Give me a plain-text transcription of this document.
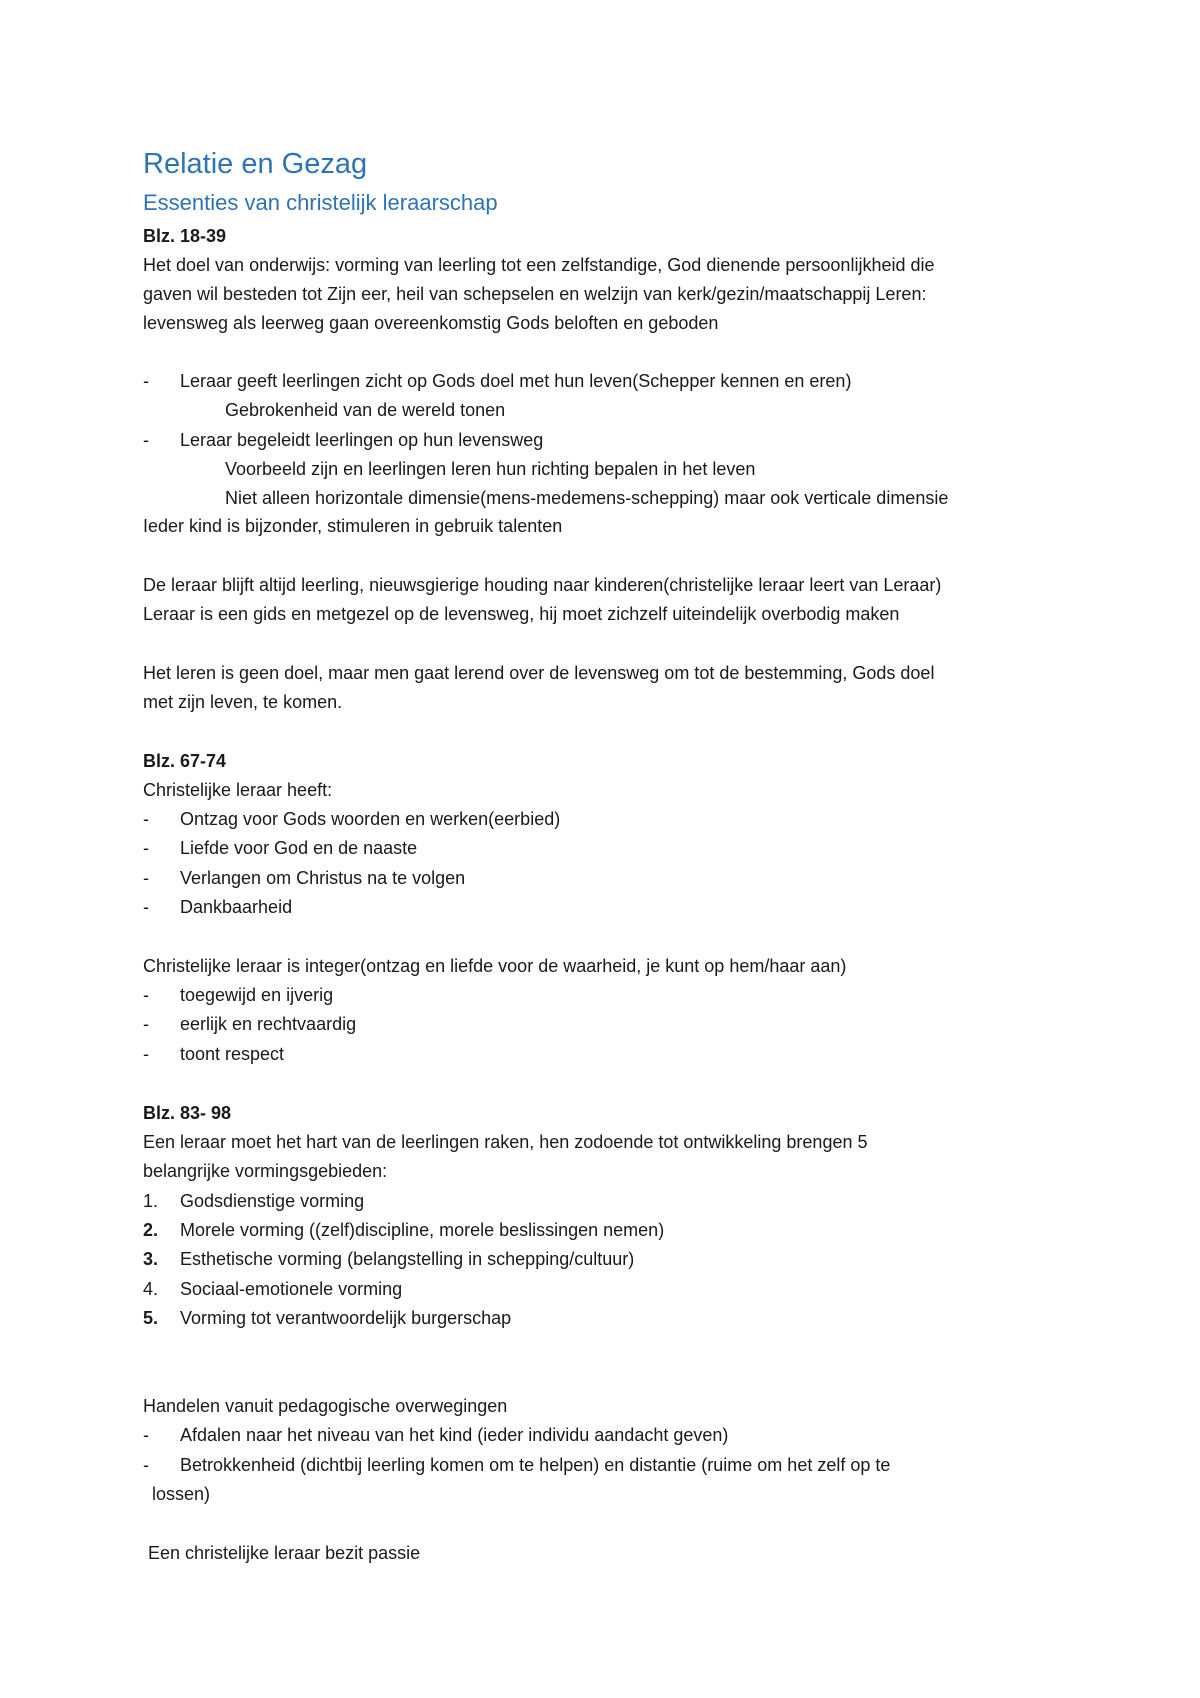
Relatie en Gezag
Essenties van christelijk leraarschap
Blz. 18-39
Het doel van onderwijs: vorming van leerling tot een zelfstandige, God dienende persoonlijkheid die
gaven wil besteden tot Zijn eer, heil van schepselen en welzijn van kerk/gezin/maatschappij Leren:
levensweg als leerweg gaan overeenkomstig Gods beloften en geboden
- Leraar geeft leerlingen zicht op Gods doel met hun leven(Schepper kennen en eren)
Gebrokenheid van de wereld tonen
- Leraar begeleidt leerlingen op hun levensweg
Voorbeeld zijn en leerlingen leren hun richting bepalen in het leven
Niet alleen horizontale dimensie(mens-medemens-schepping) maar ook verticale dimensie
Ieder kind is bijzonder, stimuleren in gebruik talenten
De leraar blijft altijd leerling, nieuwsgierige houding naar kinderen(christelijke leraar leert van Leraar)
Leraar is een gids en metgezel op de levensweg, hij moet zichzelf uiteindelijk overbodig maken
Het leren is geen doel, maar men gaat lerend over de levensweg om tot de bestemming, Gods doel
met zijn leven, te komen.
Blz. 67-74
Christelijke leraar heeft:
- Ontzag voor Gods woorden en werken(eerbied)
- Liefde voor God en de naaste
- Verlangen om Christus na te volgen
- Dankbaarheid
Christelijke leraar is integer(ontzag en liefde voor de waarheid, je kunt op hem/haar aan)
- toegewijd en ijverig
- eerlijk en rechtvaardig
- toont respect
Blz. 83- 98
Een leraar moet het hart van de leerlingen raken, hen zodoende tot ontwikkeling brengen 5
belangrijke vormingsgebieden:
1. Godsdienstige vorming
2. Morele vorming ((zelf)discipline, morele beslissingen nemen)
3. Esthetische vorming (belangstelling in schepping/cultuur)
4. Sociaal-emotionele vorming
5. Vorming tot verantwoordelijk burgerschap
Handelen vanuit pedagogische overwegingen
- Afdalen naar het niveau van het kind (ieder individu aandacht geven)
- Betrokkenheid (dichtbij leerling komen om te helpen) en distantie (ruime om het zelf op te
lossen)
Een christelijke leraar bezit passie
